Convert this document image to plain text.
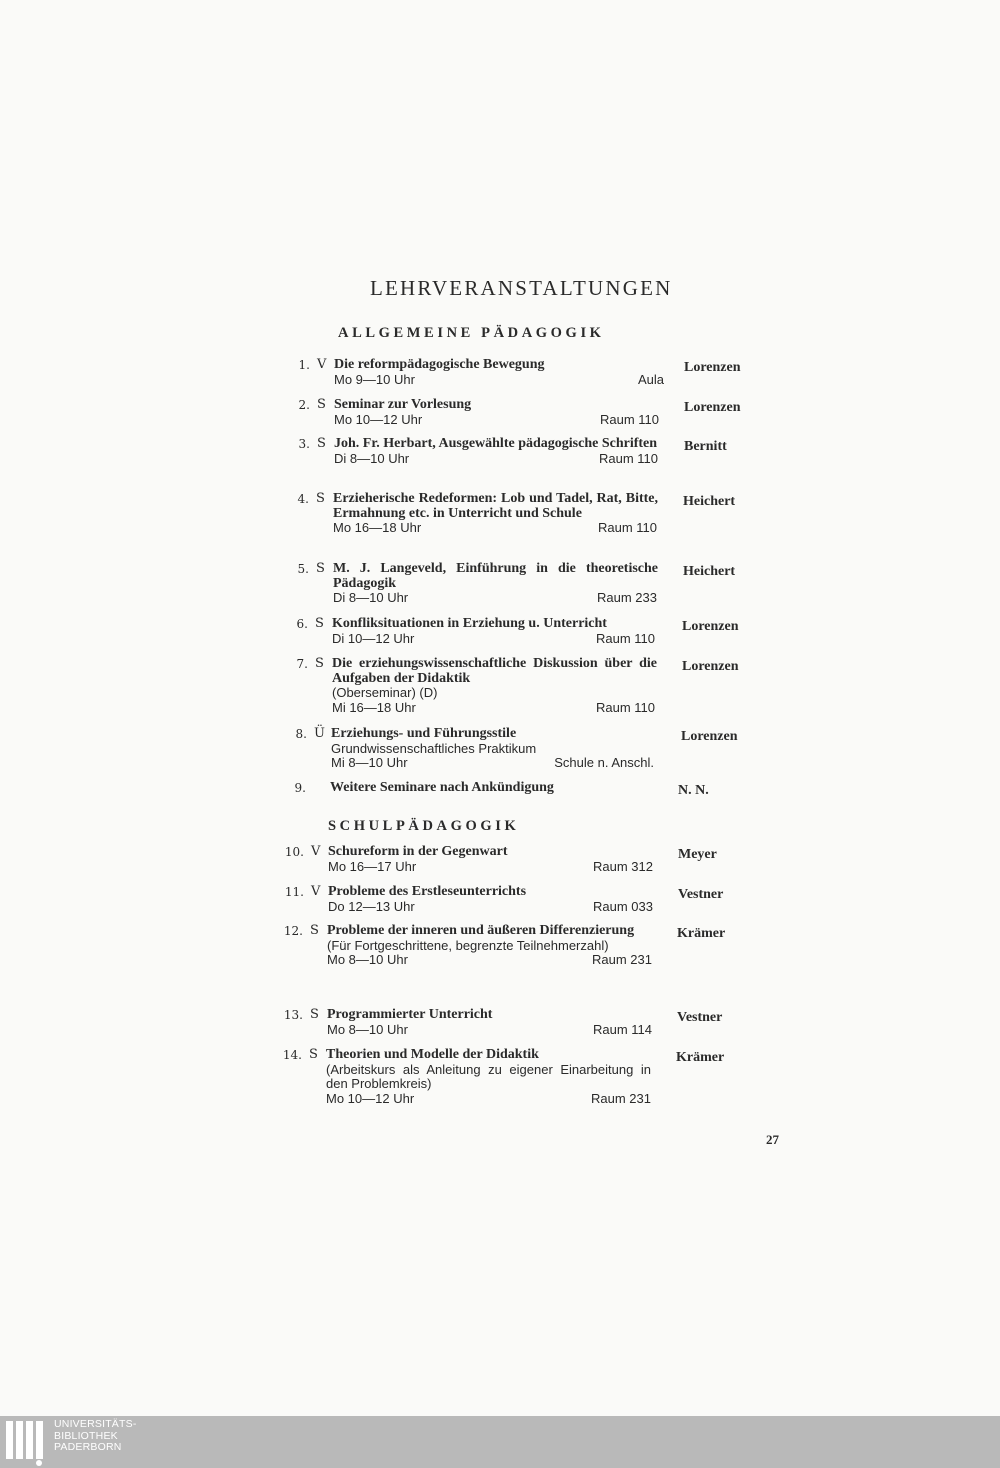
LEHRVERANSTALTUNGEN
ALLGEMEINE PÄDAGOGIK
1. V Die reformpädagogische Bewegung
Mo 9—10 Uhr	Aula
Lorenzen
2. S Seminar zur Vorlesung
Mo 10—12 Uhr	Raum 110
Lorenzen
3. S Joh. Fr. Herbart, Ausgewählte pädagogische Schriften
Di 8—10 Uhr	Raum 110
Bernitt
4. S Erzieherische Redeformen: Lob und Tadel, Rat, Bitte, Ermahnung etc. in Unterricht und Schule
Mo 16—18 Uhr	Raum 110
Heichert
5. S M. J. Langeveld, Einführung in die theoretische Pädagogik
Di 8—10 Uhr	Raum 233
Heichert
6. S Konfliksituationen in Erziehung u. Unterricht
Di 10—12 Uhr	Raum 110
Lorenzen
7. S Die erziehungswissenschaftliche Diskussion über die Aufgaben der Didaktik
(Oberseminar) (D)
Mi 16—18 Uhr	Raum 110
Lorenzen
8. Ü Erziehungs- und Führungsstile
Grundwissenschaftliches Praktikum
Mi 8—10 Uhr	Schule n. Anschl.
Lorenzen
9. Weitere Seminare nach Ankündigung	N. N.
SCHULPÄDAGOGIK
10. V Schureform in der Gegenwart
Mo 16—17 Uhr	Raum 312
Meyer
11. V Probleme des Erstleseunterrichts
Do 12—13 Uhr	Raum 033
Vestner
12. S Probleme der inneren und äußeren Differenzierung
(Für Fortgeschrittene, begrenzte Teilnehmerzahl)
Mo 8—10 Uhr	Raum 231
Krämer
13. S Programmierter Unterricht
Mo 8—10 Uhr	Raum 114
Vestner
14. S Theorien und Modelle der Didaktik
(Arbeitskurs als Anleitung zu eigener Einarbeitung in den Problemkreis)
Mo 10—12 Uhr	Raum 231
Krämer
27
UNIVERSITÄTS-
BIBLIOTHEK
PADERBORN
